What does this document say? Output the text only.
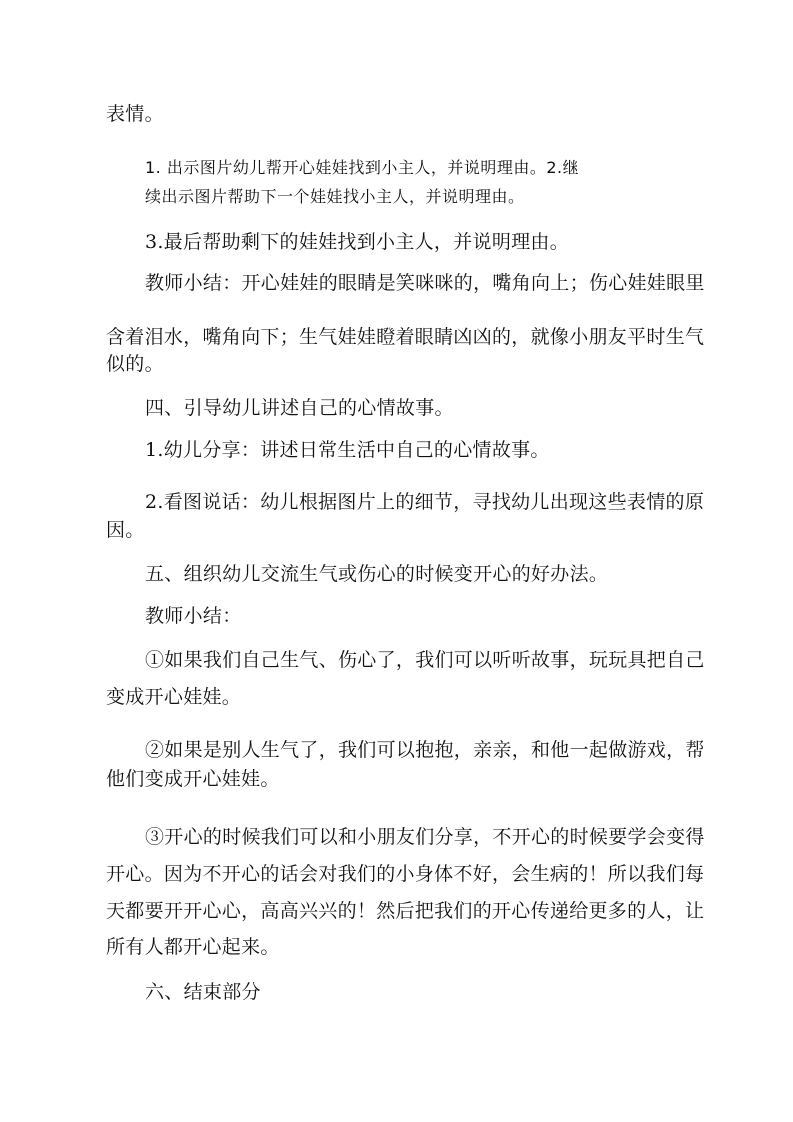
表情。
1. 出示图片幼儿帮开心娃娃找到小主人，并说明理由。2.继
续出示图片帮助下一个娃娃找小主人，并说明理由。
3.最后帮助剩下的娃娃找到小主人，并说明理由。
教师小结：开心娃娃的眼睛是笑咪咪的，嘴角向上；伤心娃娃眼里
含着泪水，嘴角向下；生气娃娃瞪着眼睛凶凶的，就像小朋友平时生气
似的。
四、引导幼儿讲述自己的心情故事。
1.幼儿分享：讲述日常生活中自己的心情故事。
2.看图说话：幼儿根据图片上的细节，寻找幼儿出现这些表情的原
因。
五、组织幼儿交流生气或伤心的时候变开心的好办法。
教师小结：
①如果我们自己生气、伤心了，我们可以听听故事，玩玩具把自己
变成开心娃娃。
②如果是别人生气了，我们可以抱抱，亲亲，和他一起做游戏，帮
他们变成开心娃娃。
③开心的时候我们可以和小朋友们分享，不开心的时候要学会变得
开心。因为不开心的话会对我们的小身体不好，会生病的！所以我们每
天都要开开心心，高高兴兴的！然后把我们的开心传递给更多的人，让
所有人都开心起来。
六、结束部分
